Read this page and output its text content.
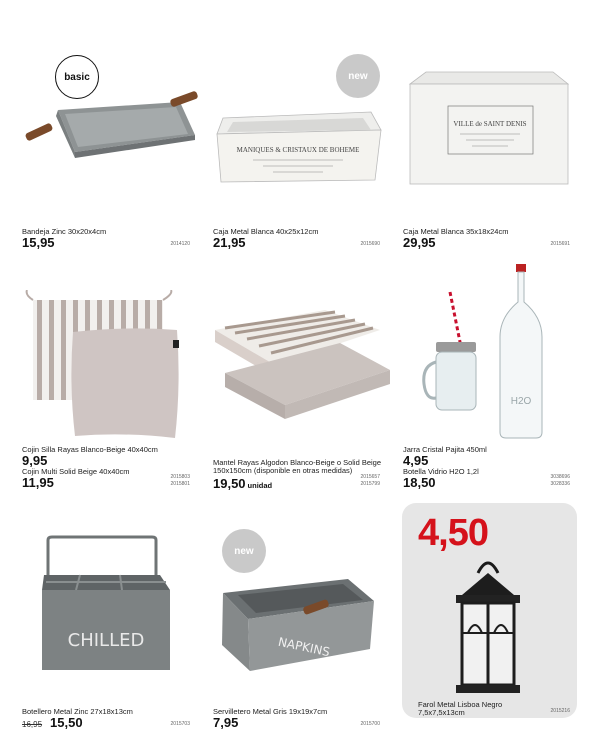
basic
Bandeja Zinc 30x20x4cm
15,95	2014120
MANIQUES & CRISTAUX DE BOHEME
new
Caja Metal Blanca 40x25x12cm
21,95	2015690
VILLE de SAINT DENIS
Caja Metal Blanca 35x18x24cm
29,95	2015691
Cojin Silla Rayas Blanco-Beige 40x40cm
9,95
Cojin Multi Solid Beige 40x40cm
11,95	2015803
2015801
Mantel Rayas Algodon Blanco-Beige o Solid Beige
150x150cm (disponible en otras medidas)
19,50 unidad
2015657
2015799
H2O
Jarra Cristal Pajita 450ml
4,95
Botella Vidrio H2O 1,2l
18,50	3038696
3028336
CHILLED
Botellero Metal Zinc 27x18x13cm
16,95 15,50	2015703
NAPKINS
new
Servilletero Metal Gris 19x19x7cm
7,95	2015700
4,50
Farol Metal Lisboa Negro
7,5x7,5x13cm	2015216
